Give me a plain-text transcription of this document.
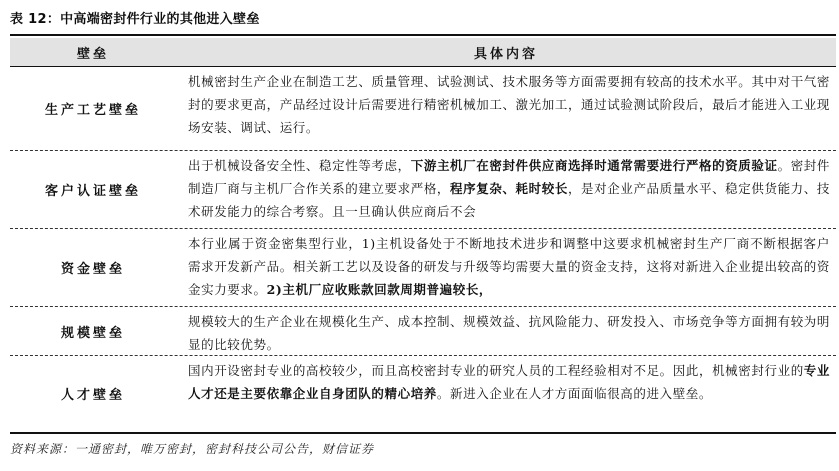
表 12：中高端密封件行业的其他进入壁垒
壁垒	具体内容
生产工艺壁垒
机械密封生产企业在制造工艺、质量管理、试验测试、技术服务等方面需要拥有较高的技术水平。其中对干气密封的要求更高，产品经过设计后需要进行精密机械加工、激光加工，通过试验测试阶段后，最后才能进入工业现场安装、调试、运行。
客户认证壁垒
出于机械设备安全性、稳定性等考虑，下游主机厂在密封件供应商选择时通常需要进行严格的资质验证。密封件制造厂商与主机厂合作关系的建立要求严格，程序复杂、耗时较长，是对企业产品质量水平、稳定供货能力、技术研发能力的综合考察。且一旦确认供应商后不会
资金壁垒
本行业属于资金密集型行业，1)主机设备处于不断地技术进步和调整中这要求机械密封生产厂商不断根据客户需求开发新产品。相关新工艺以及设备的研发与升级等均需要大量的资金支持，这将对新进入企业提出较高的资金实力要求。2)主机厂应收账款回款周期普遍较长，
规模壁垒
规模较大的生产企业在规模化生产、成本控制、规模效益、抗风险能力、研发投入、市场竞争等方面拥有较为明显的比较优势。
人才壁垒
国内开设密封专业的高校较少，而且高校密封专业的研究人员的工程经验相对不足。因此，机械密封行业的专业人才还是主要依靠企业自身团队的精心培养。新进入企业在人才方面面临很高的进入壁垒。
资料来源：一通密封，唯万密封，密封科技公司公告，财信证券
